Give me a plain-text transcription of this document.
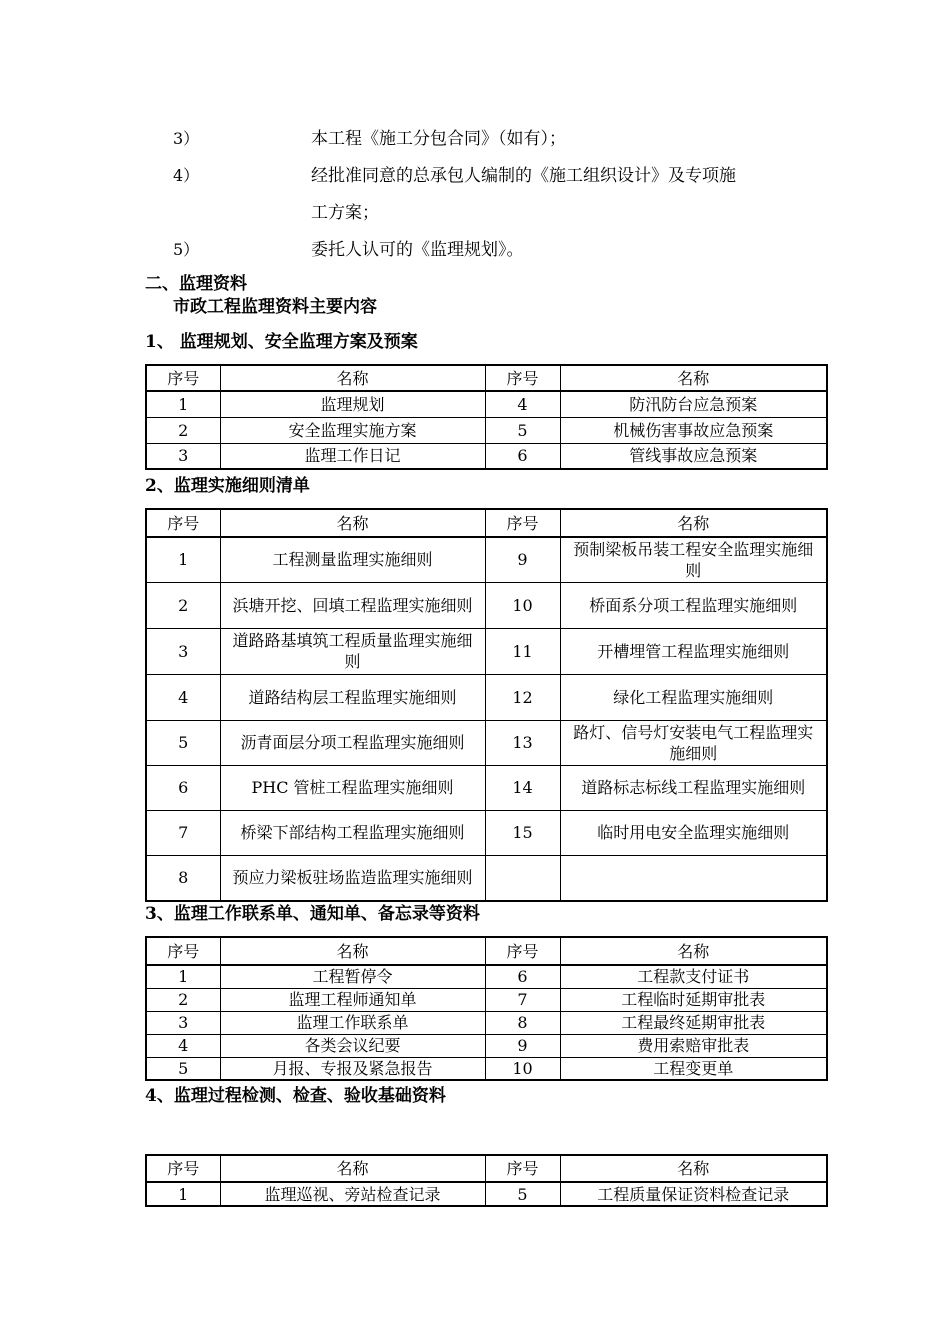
3）	本工程《施工分包合同》（如有）；
4）	经批准同意的总承包人编制的《施工组织设计》及专项施
工方案；
5）	委托人认可的《监理规划》。
二、监理资料
市政工程监理资料主要内容
1、 监理规划、安全监理方案及预案
序号	名称	序号	名称
1	监理规划	4	防汛防台应急预案
2	安全监理实施方案	5	机械伤害事故应急预案
3	监理工作日记	6	管线事故应急预案
2、监理实施细则清单
序号	名称	序号	名称
1	工程测量监理实施细则	9	预制梁板吊装工程安全监理实施细则
2	浜塘开挖、回填工程监理实施细则	10	桥面系分项工程监理实施细则
3	道路路基填筑工程质量监理实施细则	11	开槽埋管工程监理实施细则
4	道路结构层工程监理实施细则	12	绿化工程监理实施细则
5	沥青面层分项工程监理实施细则	13	路灯、信号灯安装电气工程监理实施细则
6	PHC 管桩工程监理实施细则	14	道路标志标线工程监理实施细则
7	桥梁下部结构工程监理实施细则	15	临时用电安全监理实施细则
8	预应力梁板驻场监造监理实施细则		
3、监理工作联系单、通知单、备忘录等资料
序号	名称	序号	名称
1	工程暂停令	6	工程款支付证书
2	监理工程师通知单	7	工程临时延期审批表
3	监理工作联系单	8	工程最终延期审批表
4	各类会议纪要	9	费用索赔审批表
5	月报、专报及紧急报告	10	工程变更单
4、监理过程检测、检查、验收基础资料
序号	名称	序号	名称
1	监理巡视、旁站检查记录	5	工程质量保证资料检查记录
